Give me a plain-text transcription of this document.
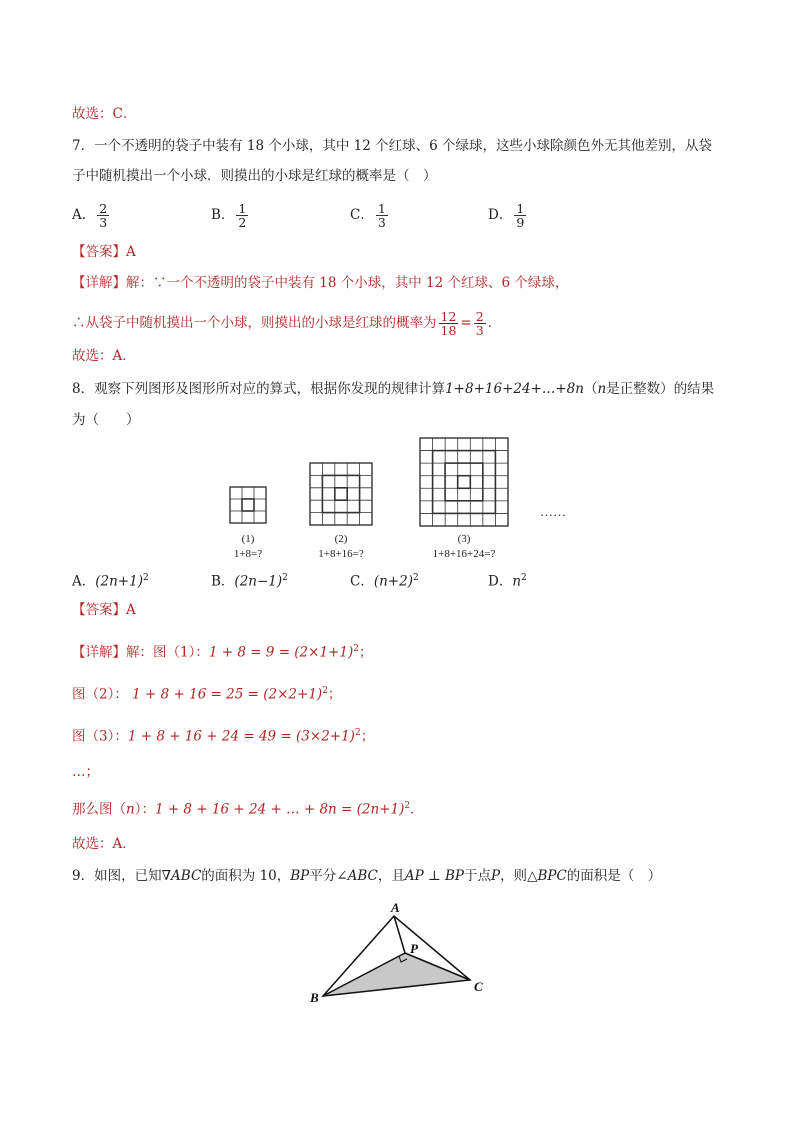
故选：C．
7．一个不透明的袋子中装有 18 个小球，其中 12 个红球、6 个绿球，这些小球除颜色外无其他差别，从袋
子中随机摸出一个小球．则摸出的小球是红球的概率是（　）
A． $\frac{2}{3}$	B． $\frac{1}{2}$	C． $\frac{1}{3}$	D． $\frac{1}{9}$
【答案】A
【详解】解：∵一个不透明的袋子中装有 18 个小球，其中 12 个红球、6 个绿球，
∴从袋子中随机摸出一个小球，则摸出的小球是红球的概率为 $\frac{12}{18} = \frac{2}{3}$ ．
故选：A．
8．观察下列图形及图形所对应的算式，根据你发现的规律计算1+8+16+24+…+8n（n是正整数）的结果
为（　　）
(1)
1+8=?
(2)
1+8+16=?
(3)
1+8+16+24=?
……
A．$(2n+1)^2$	B．$(2n-1)^2$	C．$(n+2)^2$	D．$n^2$
【答案】A
【详解】解：图（1）：$1 + 8 = 9 = (2\times 1+1)^2$；
图（2）： $1 + 8 + 16 = 25 = (2\times 2+1)^2$；
图（3）：$1 + 8 + 16 + 24 = 49 = (3\times 2+1)^2$；
…；
那么图（n）：1 + 8 + 16 + 24 + … + $8n = (2n+1)^2$．
故选：A．
9．如图，已知∇ABC的面积为 10，BP平分∠ABC，且AP ⊥ BP于点P，则△BPC的面积是（　）
A
B
C
P
